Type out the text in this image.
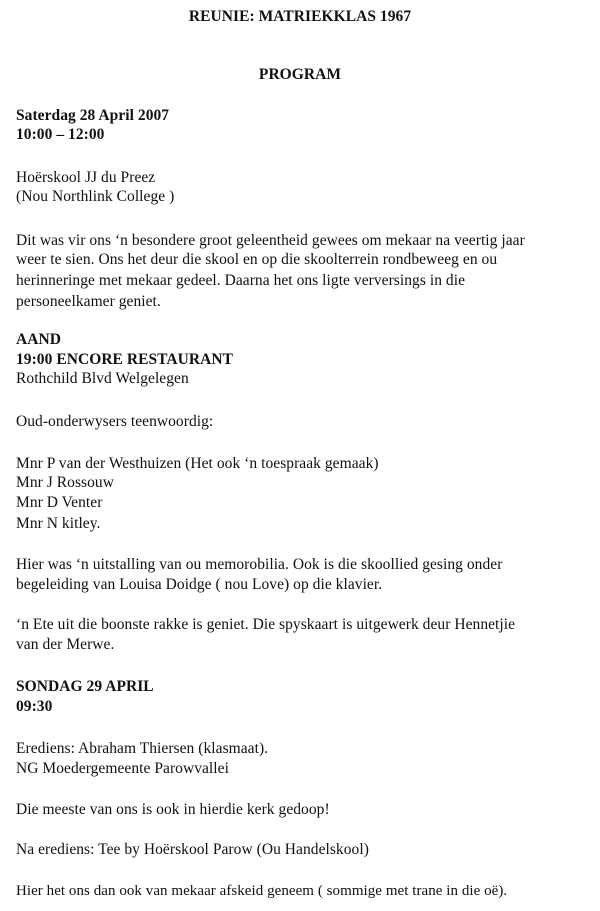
REUNIE: MATRIEKKLAS 1967
PROGRAM
Saterdag 28 April 2007
10:00 – 12:00
Hoërskool JJ du Preez
(Nou Northlink College )
Dit was vir ons ‘n besondere groot geleentheid gewees om mekaar na veertig jaar
weer te sien. Ons het deur die skool en op die skoolterrein rondbeweeg en ou
herinneringe met mekaar gedeel. Daarna het ons ligte verversings in die
personeelkamer geniet.
AAND
19:00 ENCORE RESTAURANT
Rothchild Blvd Welgelegen
Oud-onderwysers teenwoordig:
Mnr P van der Westhuizen (Het ook ‘n toespraak gemaak)
Mnr J Rossouw
Mnr D Venter
Mnr N kitley.
Hier was ‘n uitstalling van ou memorobilia. Ook is die skoollied gesing onder
begeleiding van Louisa Doidge ( nou Love) op die klavier.
‘n Ete uit die boonste rakke is geniet. Die spyskaart is uitgewerk deur Hennetjie
van der Merwe.
SONDAG 29 APRIL
09:30
Erediens: Abraham Thiersen (klasmaat).
NG Moedergemeente Parowvallei
Die meeste van ons is ook in hierdie kerk gedoop!
Na erediens: Tee by Hoërskool Parow (Ou Handelskool)
Hier het ons dan ook van mekaar afskeid geneem ( sommige met trane in die oë).
